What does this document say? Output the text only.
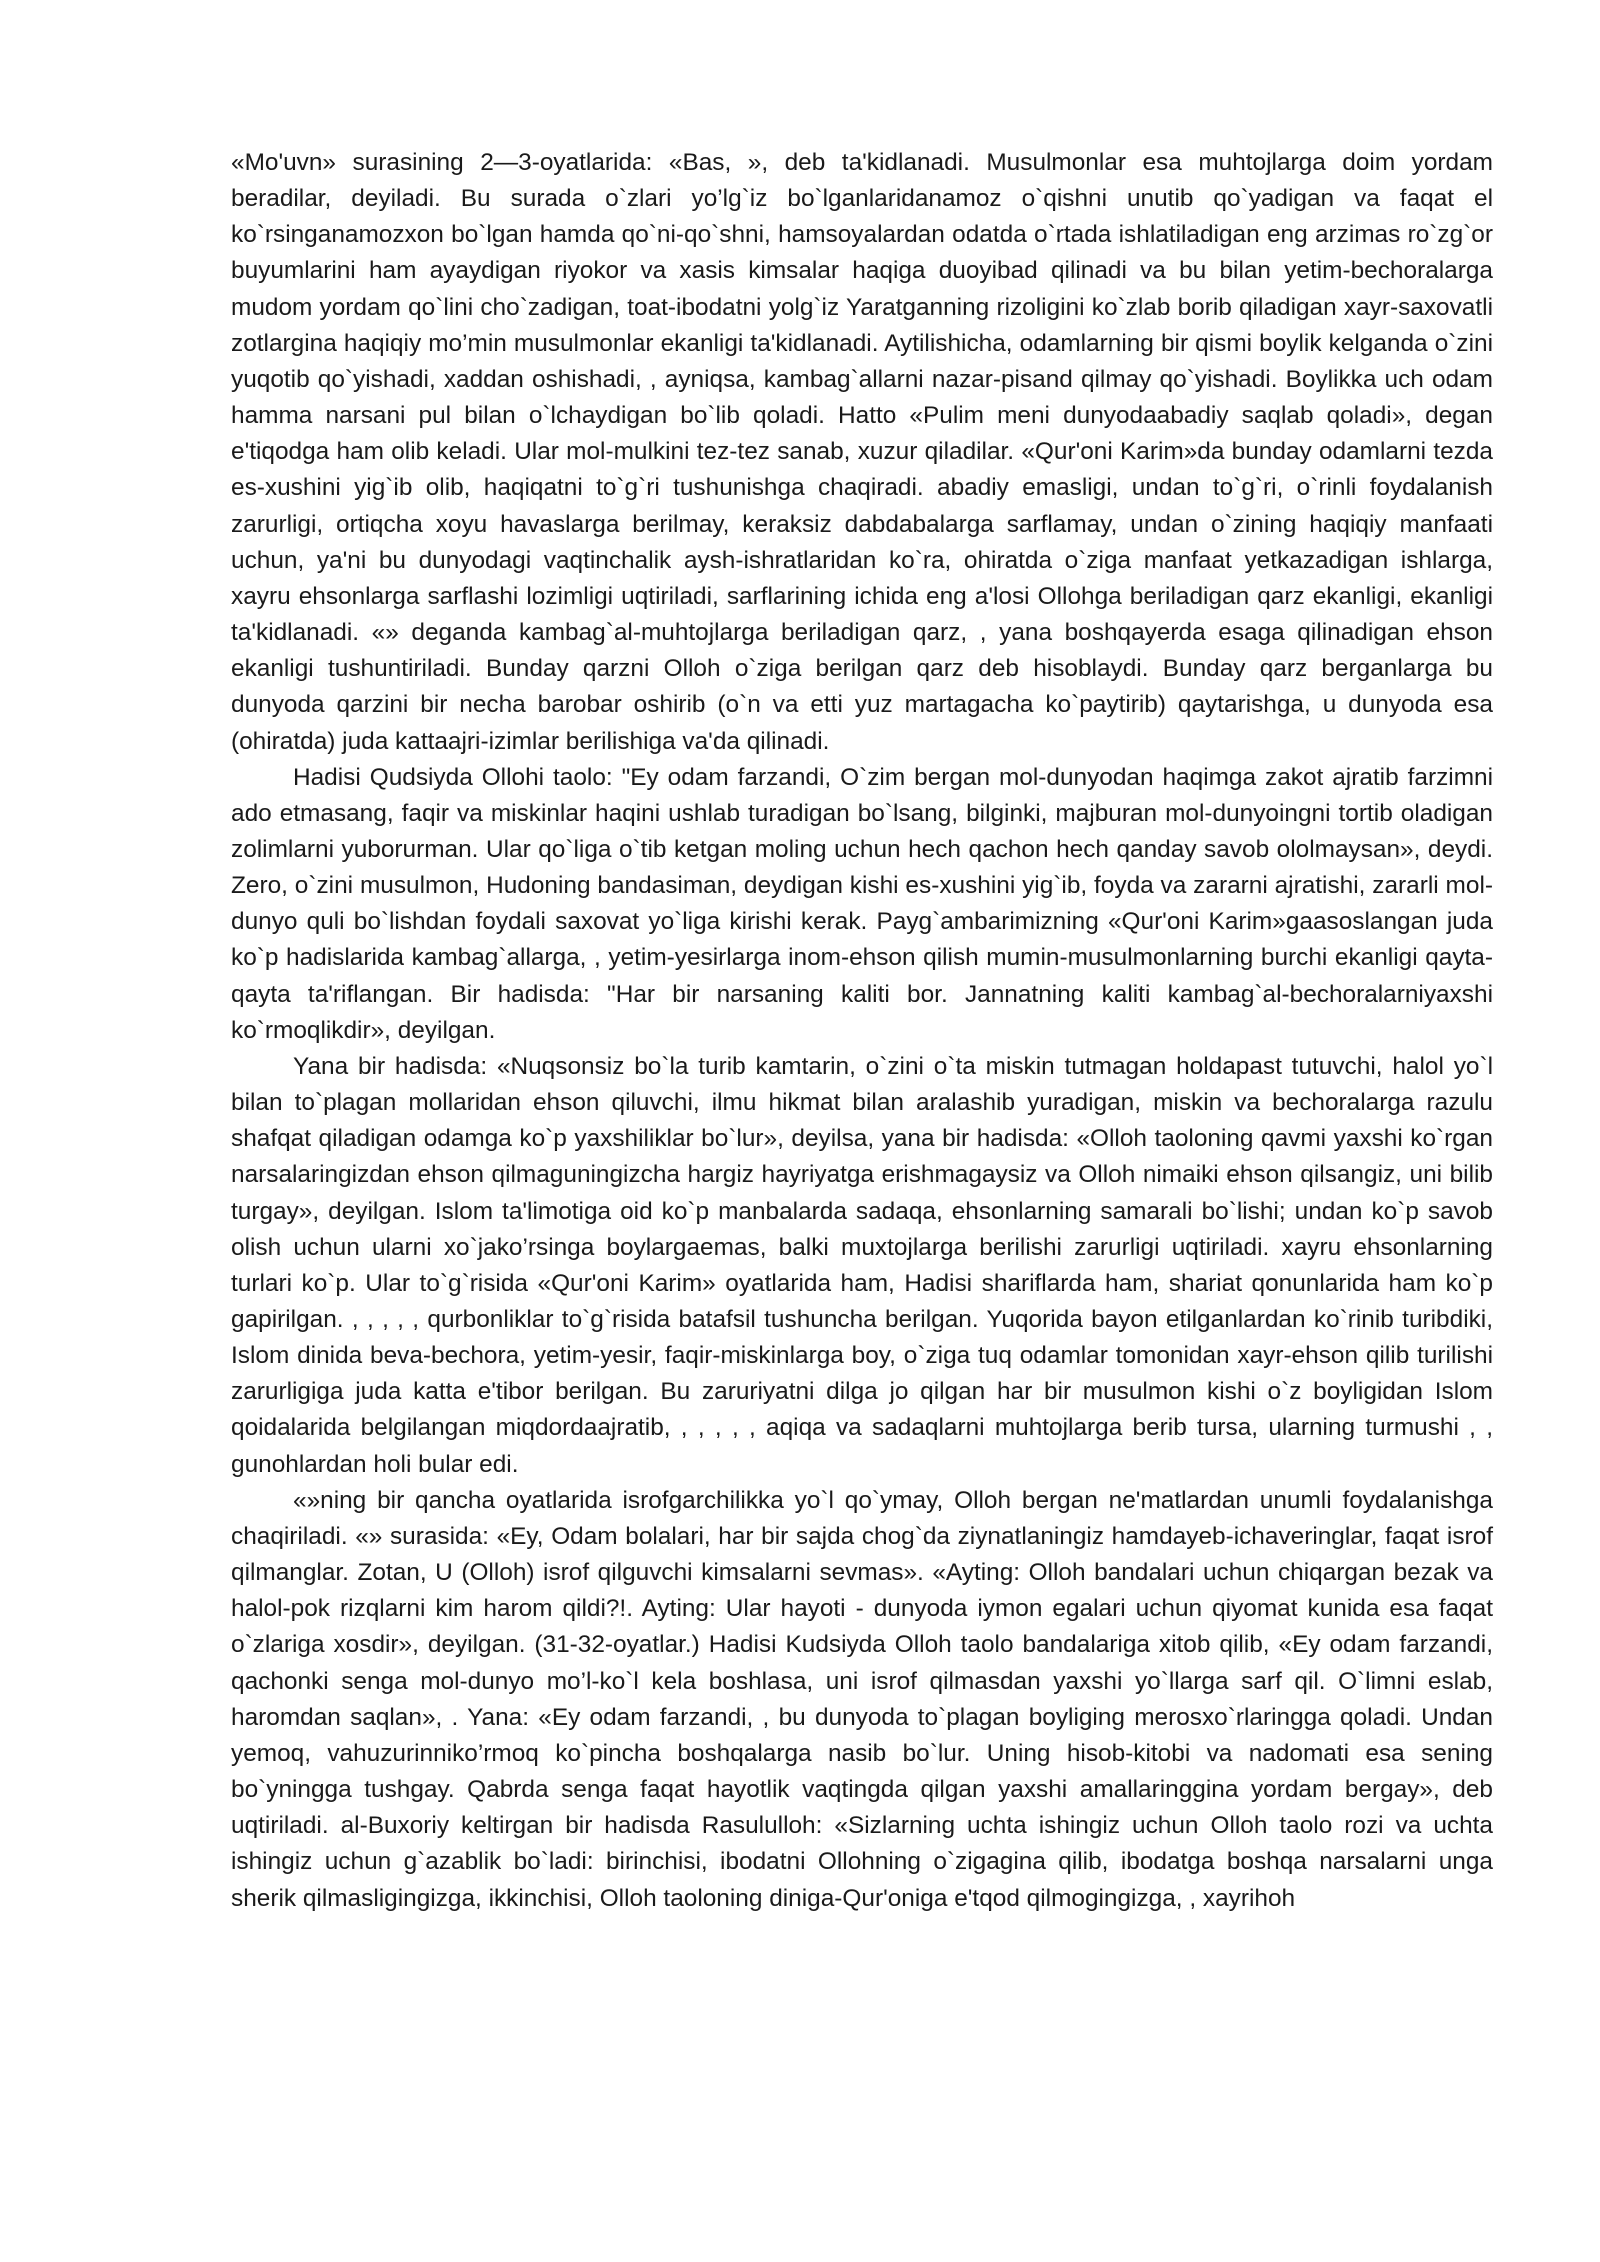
«Mo'uvn» surasining 2—3-oyatlarida: «Bas, », deb ta'kidlanadi. Musulmonlar esa muhtojlarga doim yordam beradilar, deyiladi. Bu surada o`zlari yo’lg`iz bo`lganlaridanamoz o`qishni unutib qo`yadigan va faqat el ko`rsinganamozxon bo`lgan hamda qo`ni-qo`shni, hamsoyalardan odatda o`rtada ishlatiladigan eng arzimas ro`zg`or buyumlarini ham ayaydigan riyokor va xasis kimsalar haqiga duoyibad qilinadi va bu bilan yetim-bechoralarga mudom yordam qo`lini cho`zadigan, toat-ibodatni yolg`iz Yaratganning rizoligini ko`zlab borib qiladigan xayr-saxovatli zotlargina haqiqiy mo’min musulmonlar ekanligi ta'kidlanadi. Aytilishicha, odamlarning bir qismi boylik kelganda o`zini yuqotib qo`yishadi, xaddan oshishadi, , ayniqsa, kambag`allarni nazar-pisand qilmay qo`yishadi. Boylikka uch odam hamma narsani pul bilan o`lchaydigan bo`lib qoladi. Hatto «Pulim meni dunyodaabadiy saqlab qoladi», degan e'tiqodga ham olib keladi. Ular mol-mulkini tez-tez sanab, xuzur qiladilar. «Qur'oni Karim»da bunday odamlarni tezda es-xushini yig`ib olib, haqiqatni to`g`ri tushunishga chaqiradi. abadiy emasligi, undan to`g`ri, o`rinli foydalanish zarurligi, ortiqcha xoyu havaslarga berilmay, keraksiz dabdabalarga sarflamay, undan o`zining haqiqiy manfaati uchun, ya'ni bu dunyodagi vaqtinchalik aysh-ishratlaridan ko`ra, ohiratda o`ziga manfaat yetkazadigan ishlarga, xayru ehsonlarga sarflashi lozimligi uqtiriladi, sarflarining ichida eng a'losi Ollohga beriladigan qarz ekanligi, ekanligi ta'kidlanadi. «» deganda kambag`al-muhtojlarga beriladigan qarz, , yana boshqayerda esaga qilinadigan ehson ekanligi tushuntiriladi. Bunday qarzni Olloh o`ziga berilgan qarz deb hisoblaydi. Bunday qarz berganlarga bu dunyoda qarzini bir necha barobar oshirib (o`n va etti yuz martagacha ko`paytirib) qaytarishga, u dunyoda esa (ohiratda) juda kattaajri-izimlar berilishiga va'da qilinadi.

Hadisi Qudsiyda Ollohi taolo: "Ey odam farzandi, O`zim bergan mol-dunyodan haqimga zakot ajratib farzimni ado etmasang, faqir va miskinlar haqini ushlab turadigan bo`lsang, bilginki, majburan mol-dunyoingni tortib oladigan zolimlarni yuborurman. Ular qo`liga o`tib ketgan moling uchun hech qachon hech qanday savob ololmaysan», deydi. Zero, o`zini musulmon, Hudoning bandasiman, deydigan kishi es-xushini yig`ib, foyda va zararni ajratishi, zararli mol-dunyo quli bo`lishdan foydali saxovat yo`liga kirishi kerak. Payg`ambarimizning «Qur'oni Karim»gaasoslangan juda ko`p hadislarida kambag`allarga, , yetim-yesirlarga inom-ehson qilish mumin-musulmonlarning burchi ekanligi qayta-qayta ta'riflangan. Bir hadisda: "Har bir narsaning kaliti bor. Jannatning kaliti kambag`al-bechoralarniyaxshi ko`rmoqlikdir», deyilgan.

Yana bir hadisda: «Nuqsonsiz bo`la turib kamtarin, o`zini o`ta miskin tutmagan holdapast tutuvchi, halol yo`l bilan to`plagan mollaridan ehson qiluvchi, ilmu hikmat bilan aralashib yuradigan, miskin va bechoralarga razulu shafqat qiladigan odamga ko`p yaxshiliklar bo`lur», deyilsa, yana bir hadisda: «Olloh taoloning qavmi yaxshi ko`rgan narsalaringizdan ehson qilmaguningizcha hargiz hayriyatga erishmagaysiz va Olloh nimaiki ehson qilsangiz, uni bilib turgay», deyilgan. Islom ta'limotiga oid ko`p manbalarda sadaqa, ehsonlarning samarali bo`lishi; undan ko`p savob olish uchun ularni xo`jako’rsinga boylargaemas, balki muxtojlarga berilishi zarurligi uqtiriladi. xayru ehsonlarning turlari ko`p. Ular to`g`risida «Qur'oni Karim» oyatlarida ham, Hadisi shariflarda ham, shariat qonunlarida ham ko`p gapirilgan. , , , , , qurbonliklar to`g`risida batafsil tushuncha berilgan. Yuqorida bayon etilganlardan ko`rinib turibdiki, Islom dinida beva-bechora, yetim-yesir, faqir-miskinlarga boy, o`ziga tuq odamlar tomonidan xayr-ehson qilib turilishi zarurligiga juda katta e'tibor berilgan. Bu zaruriyatni dilga jo qilgan har bir musulmon kishi o`z boyligidan Islom qoidalarida belgilangan miqdordaajratib, , , , , , aqiqa va sadaqlarni muhtojlarga berib tursa, ularning turmushi , , gunohlardan holi bular edi.

«»ning bir qancha oyatlarida isrofgarchilikka yo`l qo`ymay, Olloh bergan ne'matlardan unumli foydalanishga chaqiriladi. «» surasida: «Ey, Odam bolalari, har bir sajda chog`da ziynatlaningiz hamdayeb-ichaveringlar, faqat isrof qilmanglar. Zotan, U (Olloh) isrof qilguvchi kimsalarni sevmas». «Ayting: Olloh bandalari uchun chiqargan bezak va halol-pok rizqlarni kim harom qildi?!. Ayting: Ular hayoti - dunyoda iymon egalari uchun qiyomat kunida esa faqat o`zlariga xosdir», deyilgan. (31-32-oyatlar.) Hadisi Kudsiyda Olloh taolo bandalariga xitob qilib, «Ey odam farzandi, qachonki senga mol-dunyo mo’l-ko`l kela boshlasa, uni isrof qilmasdan yaxshi yo`llarga sarf qil. O`limni eslab, haromdan saqlan», . Yana: «Ey odam farzandi, , bu dunyoda to`plagan boyliging merosxo`rlaringga qoladi. Undan yemoq, vahuzurinniko’rmoq ko`pincha boshqalarga nasib bo`lur. Uning hisob-kitobi va nadomati esa sening bo`yningga tushgay. Qabrda senga faqat hayotlik vaqtingda qilgan yaxshi amallaringgina yordam bergay», deb uqtiriladi. al-Buxoriy keltirgan bir hadisda Rasululloh: «Sizlarning uchta ishingiz uchun Olloh taolo rozi va uchta ishingiz uchun g`azablik bo`ladi: birinchisi, ibodatni Ollohning o`zigagina qilib, ibodatga boshqa narsalarni unga sherik qilmasligingizga, ikkinchisi, Olloh taoloning diniga-Qur'oniga e'tqod qilmogingizga, , xayrihoh
